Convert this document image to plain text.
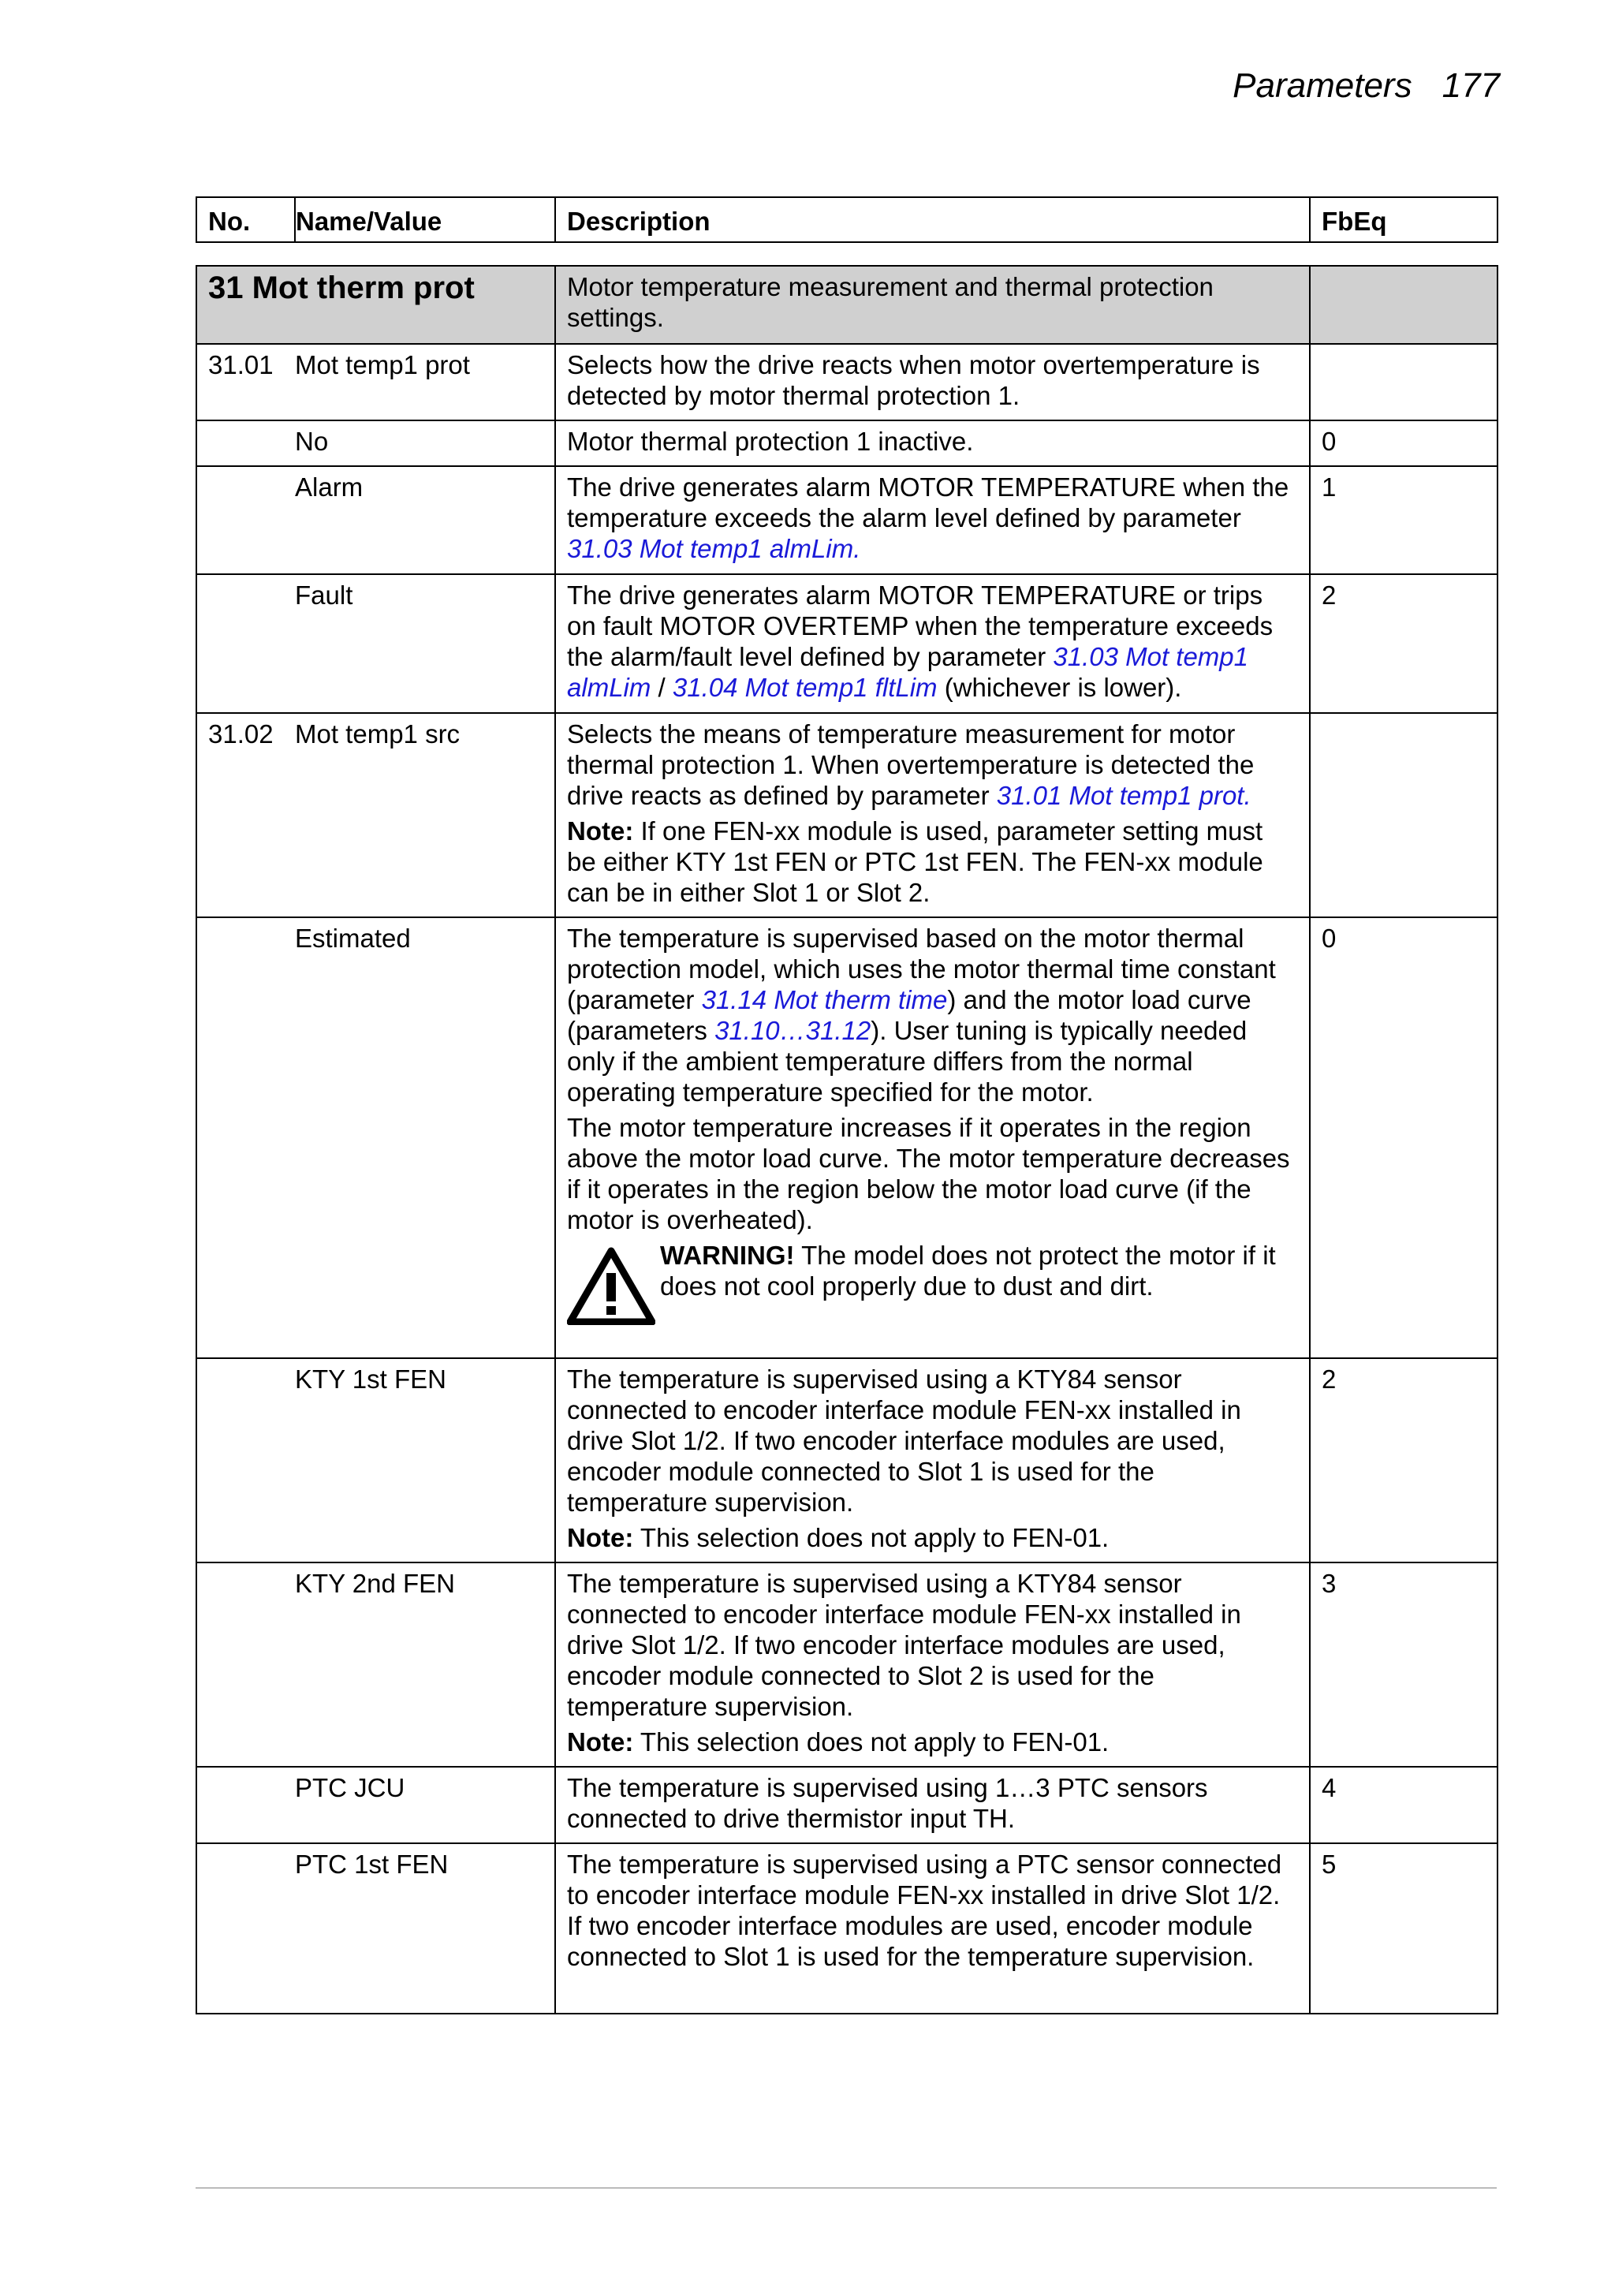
Parameters 177
No.	Name/Value	Description	FbEq
31 Mot therm prot		Motor temperature measurement and thermal protection settings.	
31.01	Mot temp1 prot	Selects how the drive reacts when motor overtemperature is detected by motor thermal protection 1.	
	No	Motor thermal protection 1 inactive.	0
	Alarm	The drive generates alarm MOTOR TEMPERATURE when the temperature exceeds the alarm level defined by parameter 31.03 Mot temp1 almLim.	1
	Fault	The drive generates alarm MOTOR TEMPERATURE or trips on fault MOTOR OVERTEMP when the temperature exceeds the alarm/fault level defined by parameter 31.03 Mot temp1 almLim / 31.04 Mot temp1 fltLim (whichever is lower).	2
31.02	Mot temp1 src	Selects the means of temperature measurement for motor thermal protection 1. When overtemperature is detected the drive reacts as defined by parameter 31.01 Mot temp1 prot.

Note: If one FEN-xx module is used, parameter setting must be either KTY 1st FEN or PTC 1st FEN. The FEN-xx module can be in either Slot 1 or Slot 2.	

	Estimated	The temperature is supervised based on the motor thermal protection model, which uses the motor thermal time constant (parameter 31.14 Mot therm time) and the motor load curve (parameters 31.10…31.12). User tuning is typically needed only if the ambient temperature differs from the normal operating temperature specified for the motor.

The motor temperature increases if it operates in the region above the motor load curve. The motor temperature decreases if it operates in the region below the motor load curve (if the motor is overheated).

WARNING! The model does not protect the motor if it does not cool properly due to dust and dirt.	0
	KTY 1st FEN	The temperature is supervised using a KTY84 sensor connected to encoder interface module FEN-xx installed in drive Slot 1/2. If two encoder interface modules are used, encoder module connected to Slot 1 is used for the temperature supervision.

Note: This selection does not apply to FEN-01.	2
	KTY 2nd FEN	The temperature is supervised using a KTY84 sensor connected to encoder interface module FEN-xx installed in drive Slot 1/2. If two encoder interface modules are used, encoder module connected to Slot 2 is used for the temperature supervision.

Note: This selection does not apply to FEN-01.	3
	PTC JCU	The temperature is supervised using 1…3 PTC sensors connected to drive thermistor input TH.	4
	PTC 1st FEN	The temperature is supervised using a PTC sensor connected to encoder interface module FEN-xx installed in drive Slot 1/2. If two encoder interface modules are used, encoder module connected to Slot 1 is used for the temperature supervision.	5
